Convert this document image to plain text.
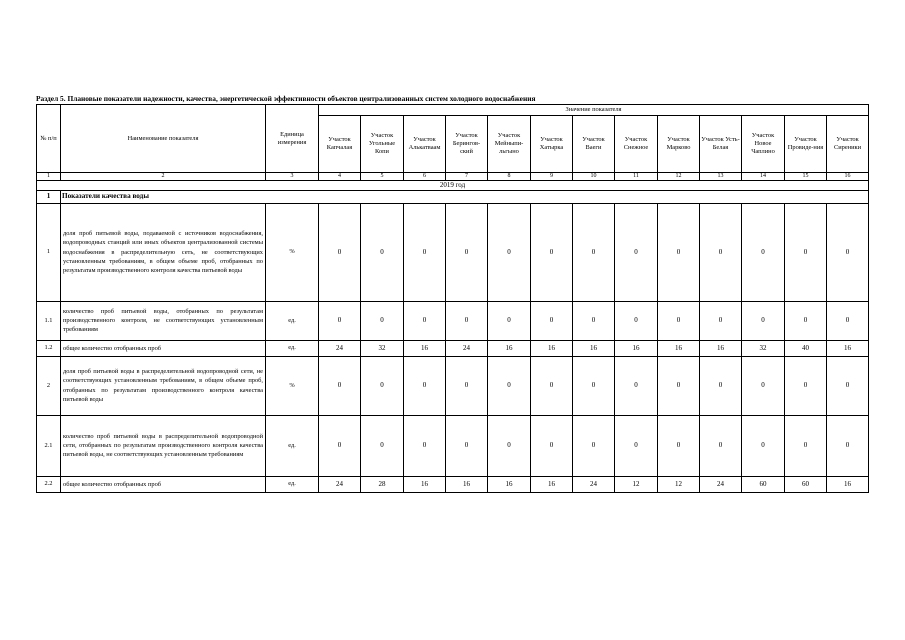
Раздел 5. Плановые показатели надежности, качества, энергетической эффективности объектов централизованных систем холодного водоснабжения
№ п/п	Наименование показателя	Единица измерения	Значение показателя												
			Участок Капчалая	Участок Угольные Копи	Участок Алькатваам	Участок Берингов-ский	Участок Мейныпи-льгыно	Участок Хатырка	Участок Ваеги	Участок Снежное	Участок Марково	Участок Усть-Белая	Участок Новое Чаплино	Участок Провиде-ния	Участок Сиреники
1	2	3	4	5	6	7	8	9	10	11	12	13	14	15	16
2019 год															
1	Показатели качества воды														
1	доля проб питьевой воды, подаваемой с источников водоснабжения, водопроводных станций или иных объектов централизованной системы водоснабжения в распределительную сеть, не соответствующих установленным требованиям, в общем объеме проб, отобранных по результатам производственного контроля качества питьевой воды	%	0	0	0	0	0	0	0	0	0	0	0	0	0
1.1	количество проб питьевой воды, отобранных по результатам производственного контроля, не соответствующих установленным требованиям	ед.	0	0	0	0	0	0	0	0	0	0	0	0	0
1.2	общее количество отобранных проб	ед.	24	32	16	24	16	16	16	16	16	16	32	40	16
2	доля проб питьевой воды в распределительной водопроводной сети, не соответствующих установленным требованиям, в общем объеме проб, отобранных по результатам производственного контроля качества питьевой воды	%	0	0	0	0	0	0	0	0	0	0	0	0	0
2.1	количество проб питьевой воды в распределительной водопроводной сети, отобранных по результатам производственного контроля качества питьевой воды, не соответствующих установленным требованиям	ед.	0	0	0	0	0	0	0	0	0	0	0	0	0
2.2	общее количество отобранных проб	ед.	24	28	16	16	16	16	24	12	12	24	60	60	16
